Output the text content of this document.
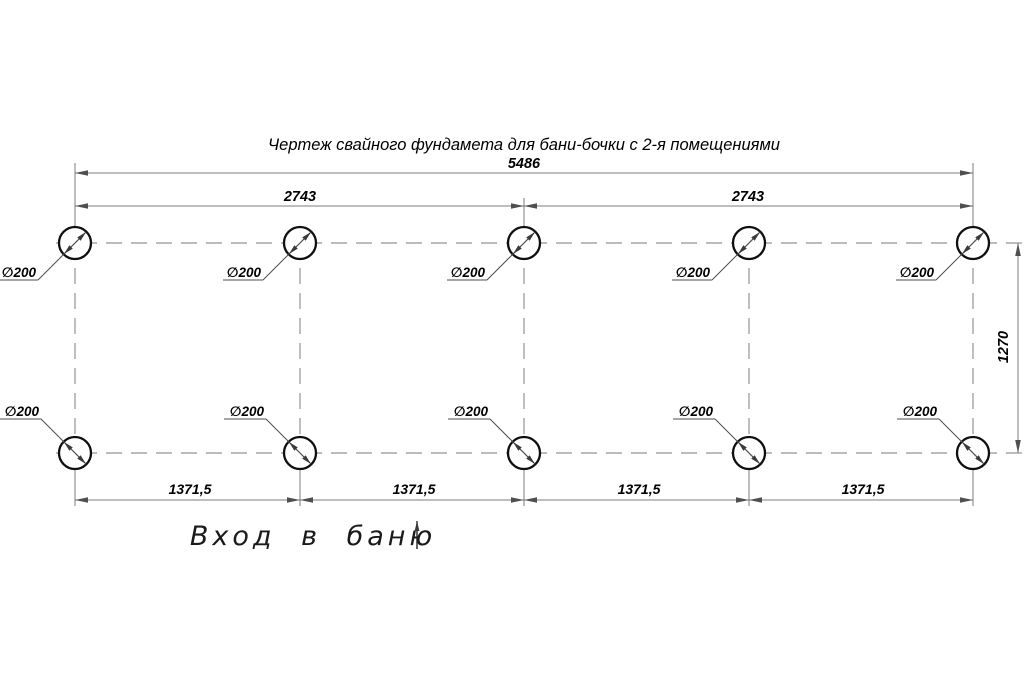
∅200	∅200	∅200	∅200	∅200
∅200	∅200	∅200	∅200	∅200
Чертеж свайного фундамета для бани-бочки с 2-я помещениями
5486
2743	2743
1270
1371,5	1371,5	1371,5	1371,5
Вход в баню
